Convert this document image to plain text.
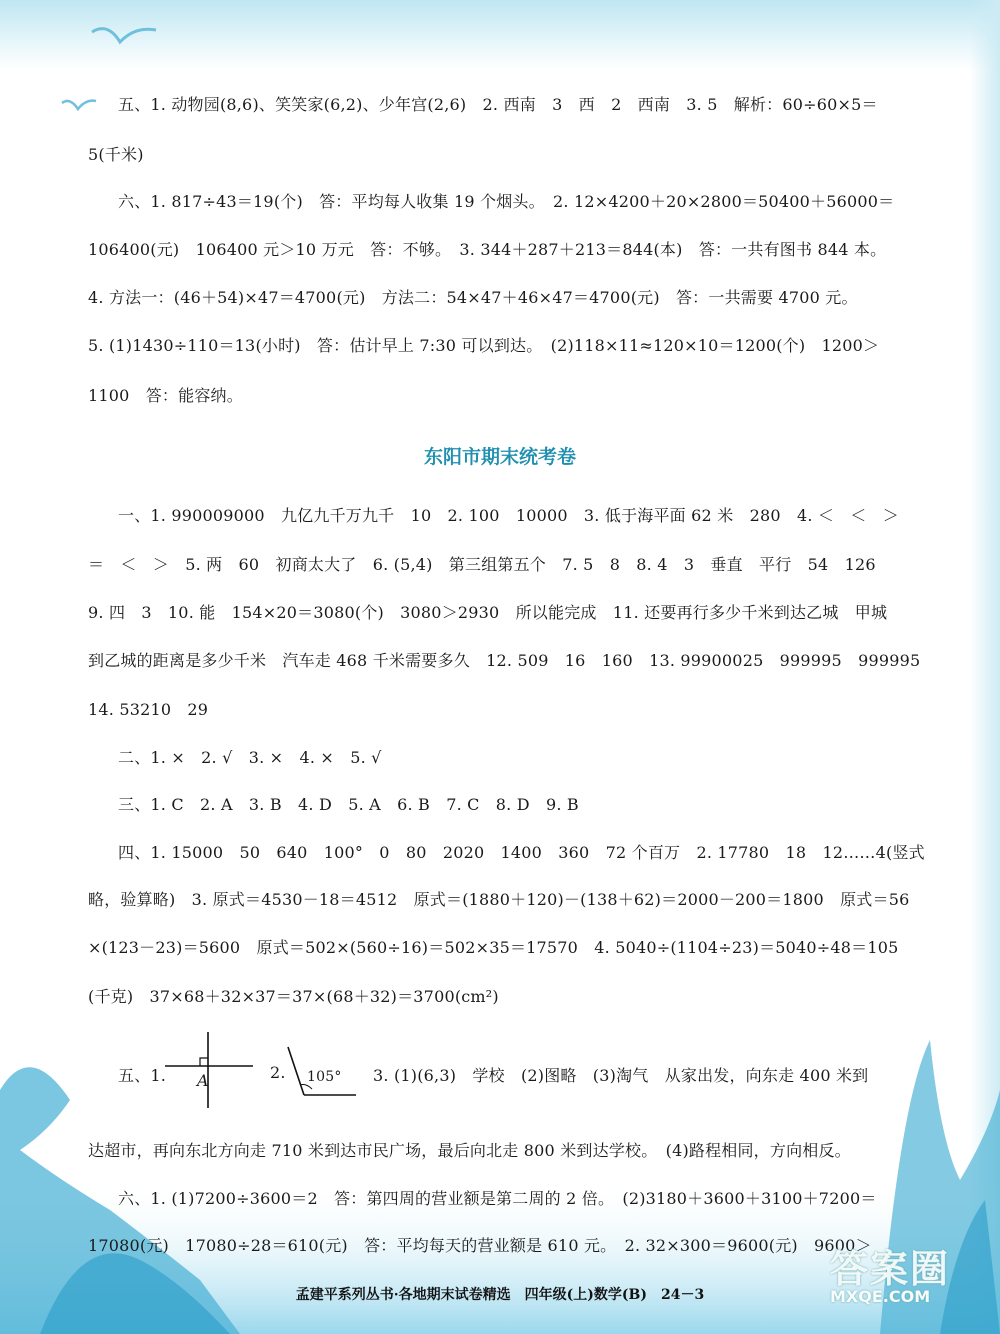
五、1. 动物园(8,6)、笑笑家(6,2)、少年宫(2,6)　2. 西南　3　西　2　西南　3. 5　解析：60÷60×5＝
5(千米)
六、1. 817÷43＝19(个)　答：平均每人收集 19 个烟头。　2. 12×4200＋20×2800＝50400＋56000＝
106400(元)　106400 元＞10 万元　答：不够。　3. 344＋287＋213＝844(本)　答：一共有图书 844 本。
4. 方法一：(46＋54)×47＝4700(元)　方法二：54×47＋46×47＝4700(元)　答：一共需要 4700 元。
5. (1)1430÷110＝13(小时)　答：估计早上 7:30 可以到达。　(2)118×11≈120×10＝1200(个)　1200＞
1100　答：能容纳。
东阳市期末统考卷
一、1. 990009000　九亿九千万九千　10　2. 100　10000　3. 低于海平面 62 米　280　4. ＜　＜　＞
＝　＜　＞　5. 两　60　初商太大了　6. (5,4)　第三组第五个　7. 5　8　8. 4　3　垂直　平行　54　126
9. 四　3　10. 能　154×20＝3080(个)　3080＞2930　所以能完成　11. 还要再行多少千米到达乙城　甲城
到乙城的距离是多少千米　汽车走 468 千米需要多久　12. 509　16　160　13. 99900025　999995　999995
14. 53210　29
二、1. ×　2. √　3. ×　4. ×　5. √
三、1. C　2. A　3. B　4. D　5. A　6. B　7. C　8. D　9. B
四、1. 15000　50　640　100°　0　80　2020　1400　360　72 个百万　2. 17780　18　12……4(竖式
略，验算略)　3. 原式＝4530－18＝4512　原式＝(1880＋120)－(138＋62)＝2000－200＝1800　原式＝56
×(123－23)＝5600　原式＝502×(560÷16)＝502×35＝17570　4. 5040÷(1104÷23)＝5040÷48＝105
(千克)　37×68＋32×37＝37×(68＋32)＝3700(cm²)
五、1.	A	2.	105°	3. (1)(6,3)　学校　(2)图略　(3)淘气　从家出发，向东走 400 米到
达超市，再向东北方向走 710 米到达市民广场，最后向北走 800 米到达学校。　(4)路程相同，方向相反。
六、1. (1)7200÷3600＝2　答：第四周的营业额是第二周的 2 倍。　(2)3180＋3600＋3100＋7200＝
17080(元)　17080÷28＝610(元)　答：平均每天的营业额是 610 元。　2. 32×300＝9600(元)　9600＞
孟建平系列丛书·各地期末试卷精选　四年级(上)数学(B)　24－3
答案圈
MXQE.COM
